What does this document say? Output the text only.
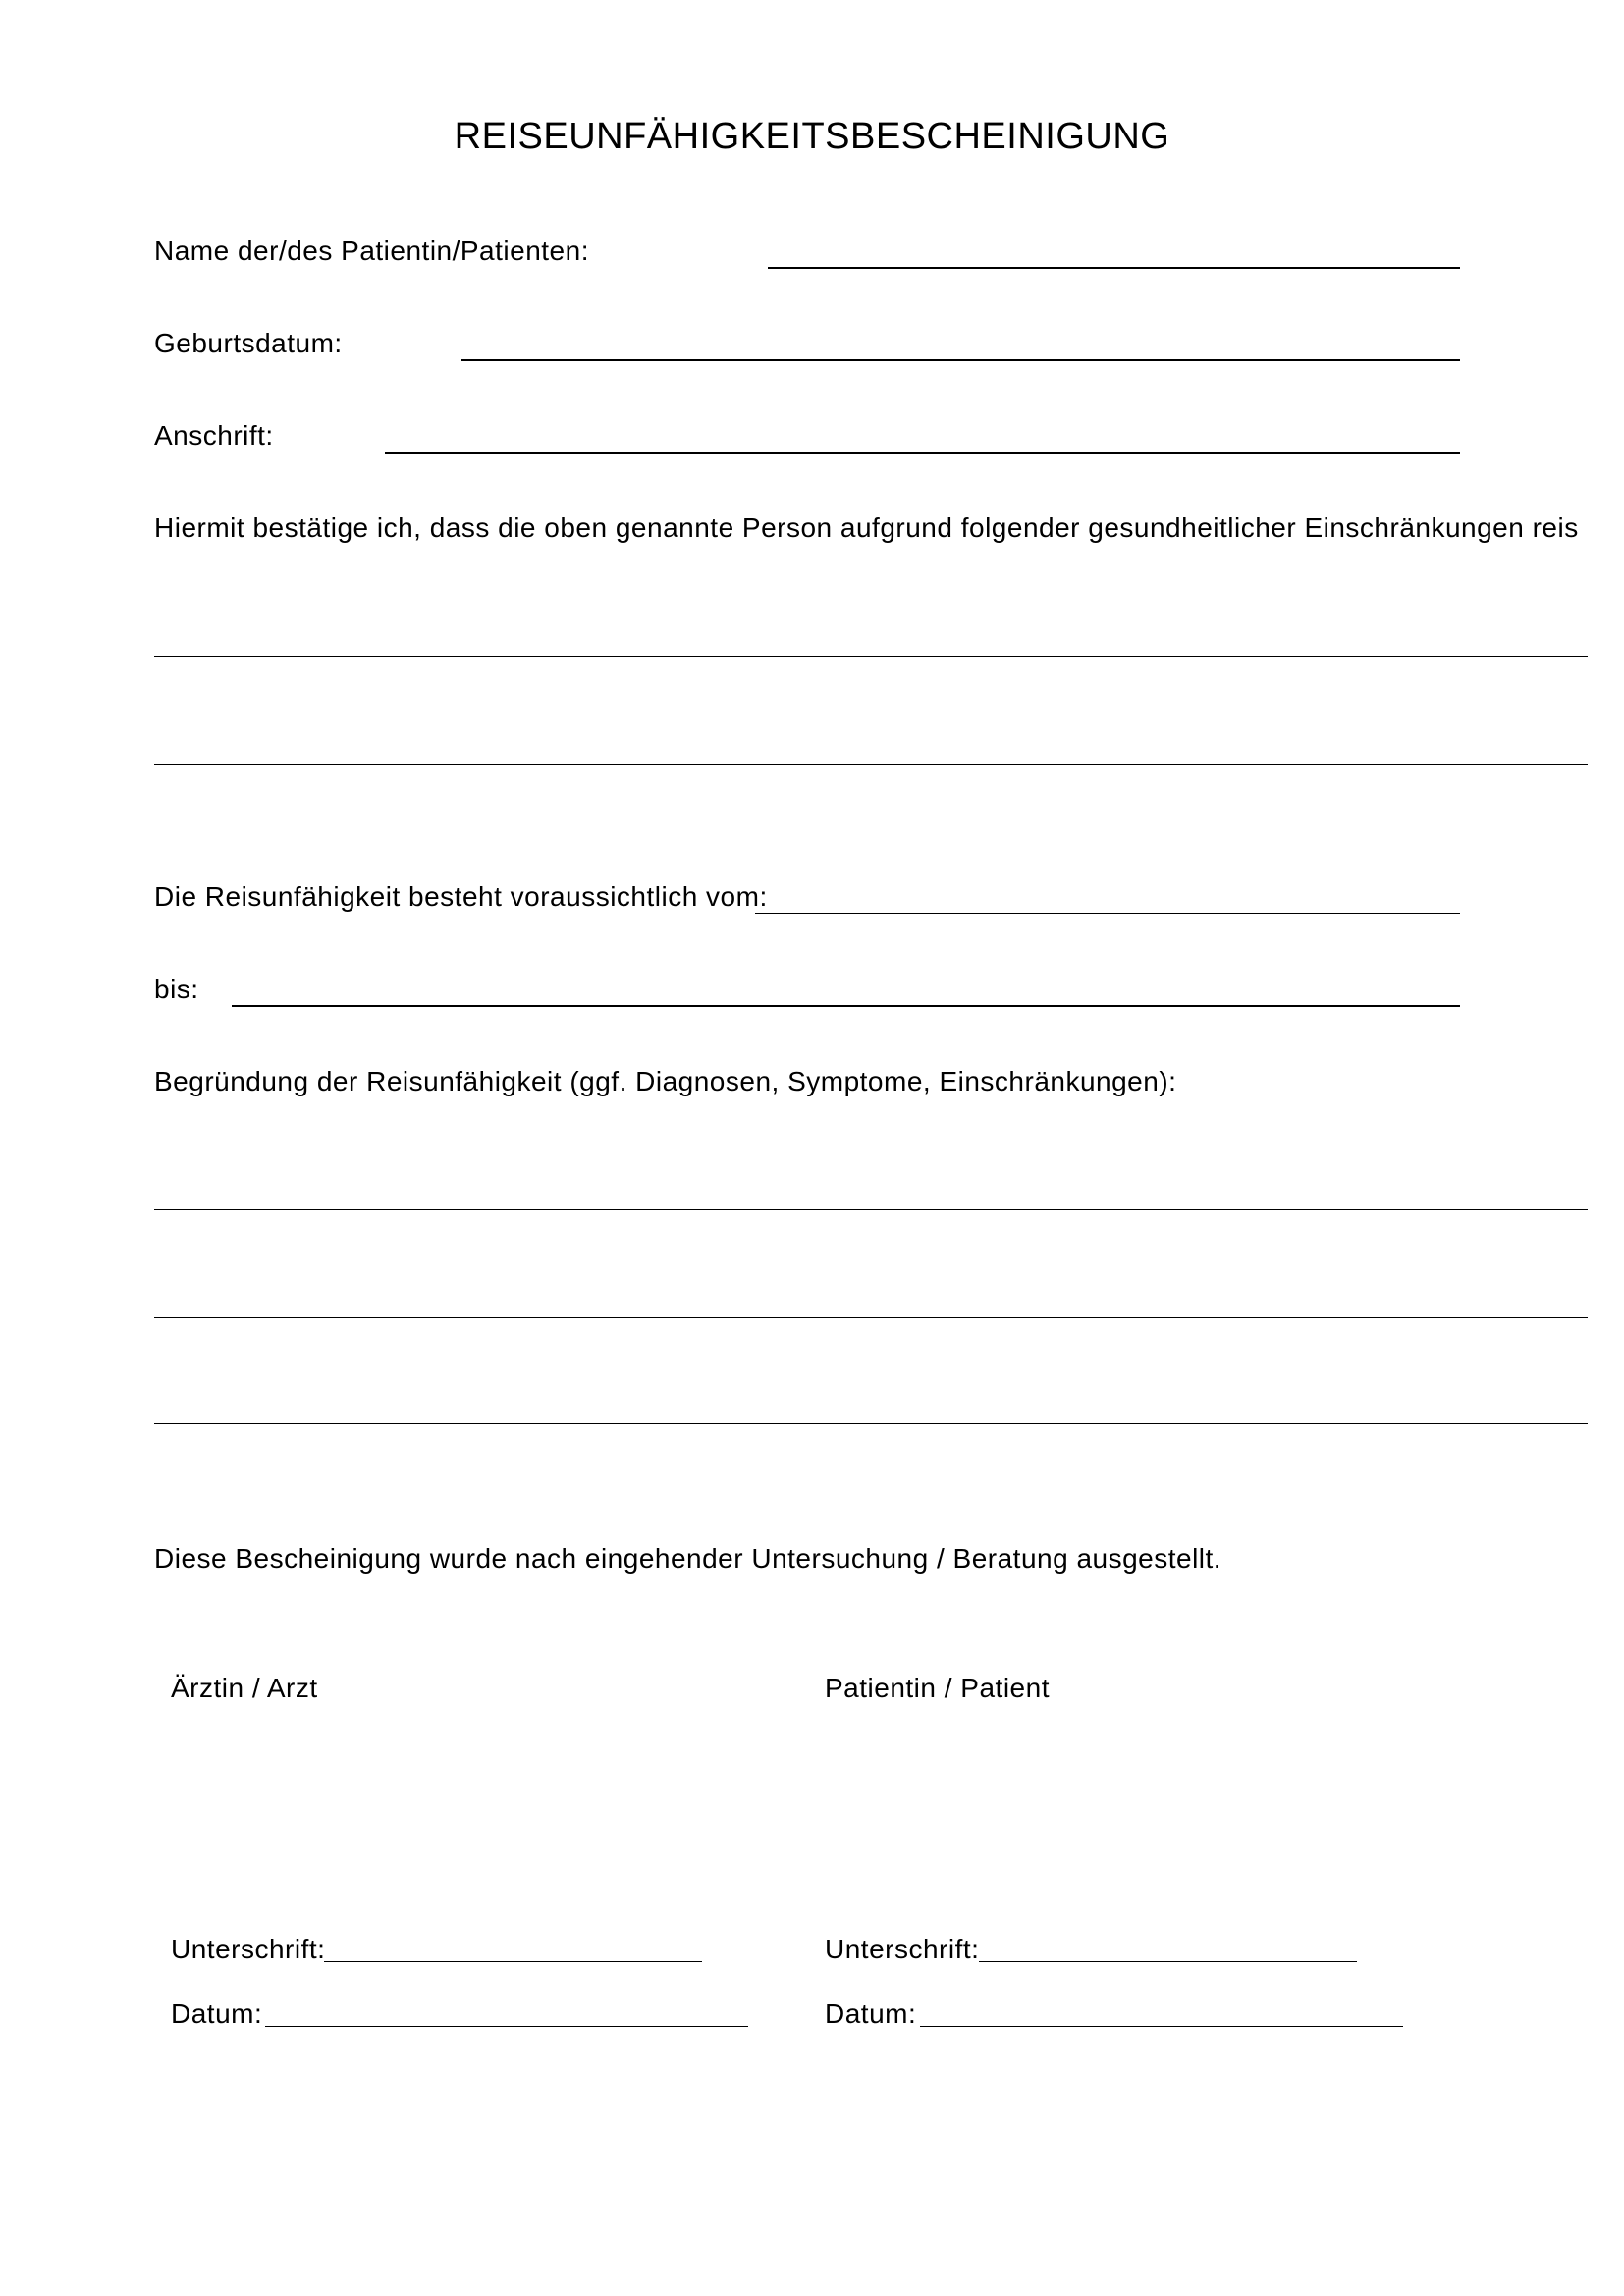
REISEUNFÄHIGKEITSBESCHEINIGUNG
Name der/des Patientin/Patienten:
Geburtsdatum:
Anschrift:
Hiermit bestätige ich, dass die oben genannte Person aufgrund folgender gesundheitlicher Einschränkungen reis
Die Reisunfähigkeit besteht voraussichtlich vom:
bis:
Begründung der Reisunfähigkeit (ggf. Diagnosen, Symptome, Einschränkungen):
Diese Bescheinigung wurde nach eingehender Untersuchung / Beratung ausgestellt.
Ärztin / Arzt
Unterschrift:
Datum:
Patientin / Patient
Unterschrift:
Datum:
